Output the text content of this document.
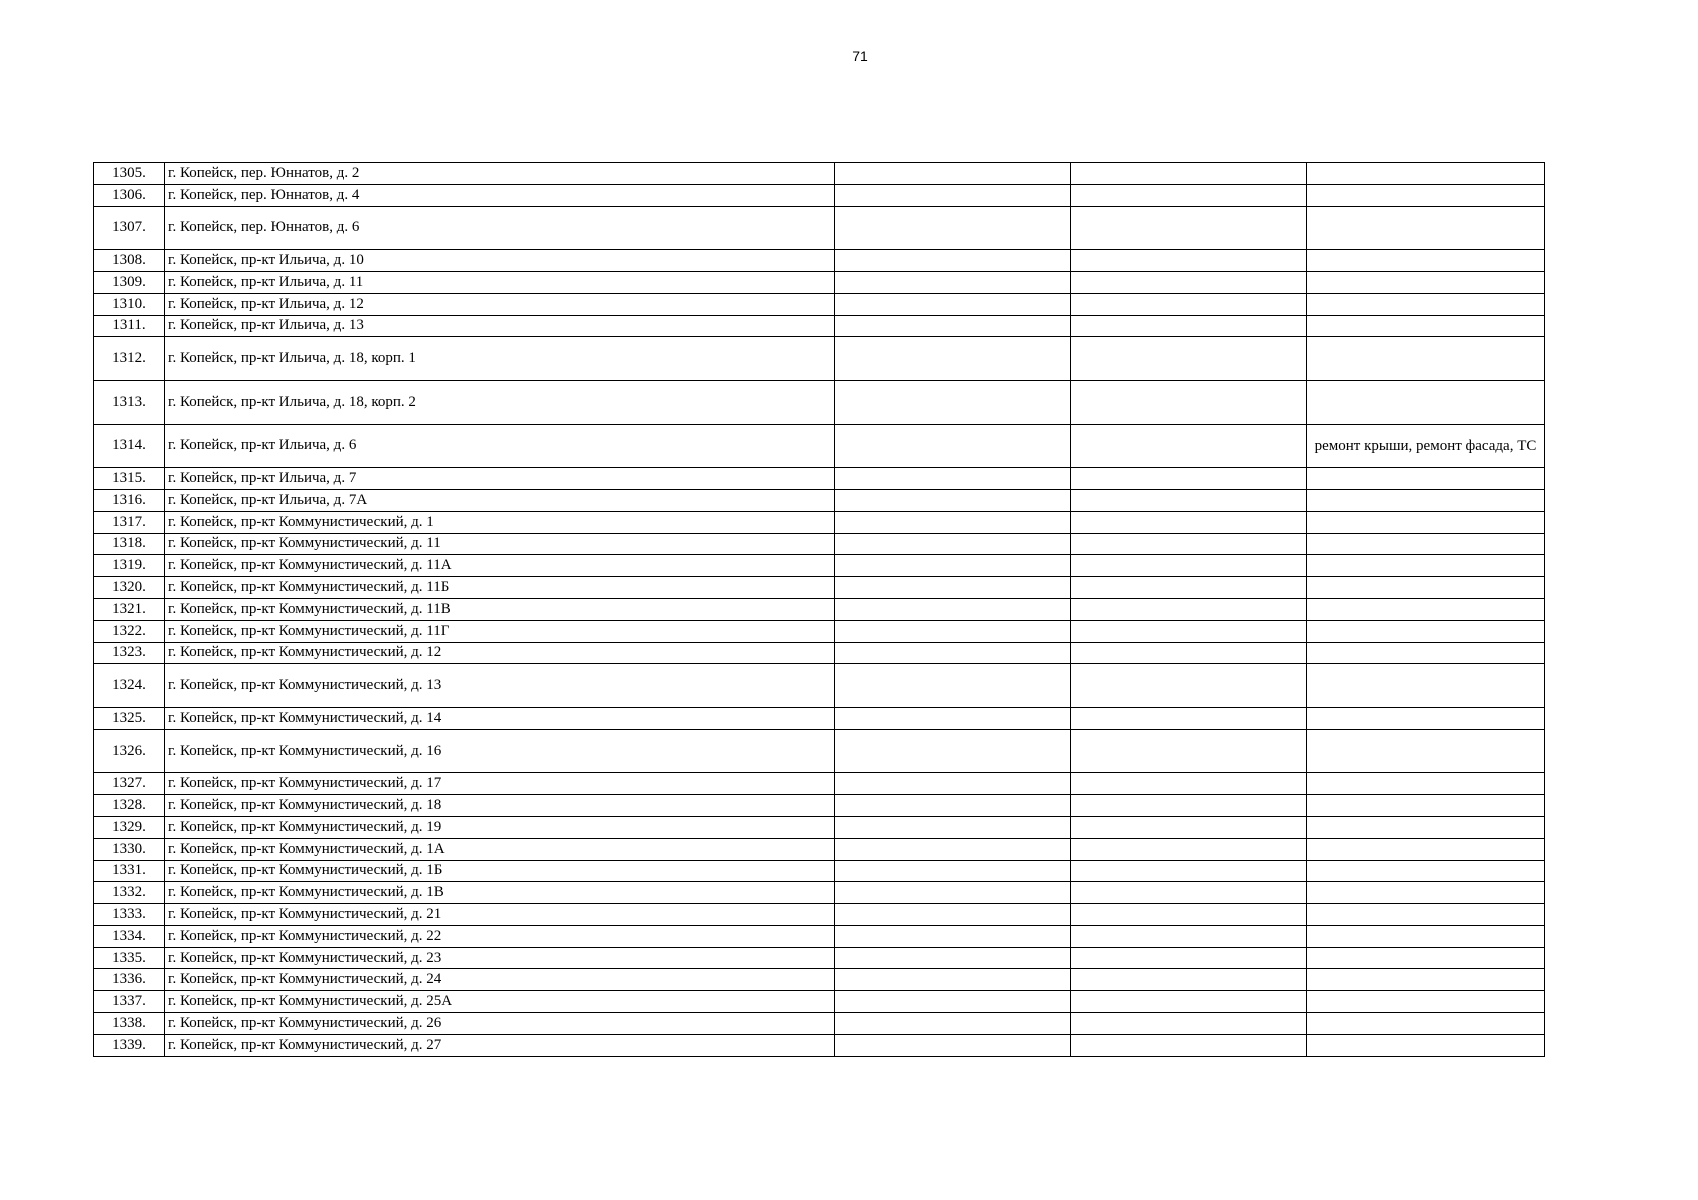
71
1305.	г. Копейск, пер. Юннатов, д. 2			
1306.	г. Копейск, пер. Юннатов, д. 4			
1307.	г. Копейск, пер. Юннатов, д. 6			
1308.	г. Копейск, пр-кт Ильича, д. 10			
1309.	г. Копейск, пр-кт Ильича, д. 11			
1310.	г. Копейск, пр-кт Ильича, д. 12			
1311.	г. Копейск, пр-кт Ильича, д. 13			
1312.	г. Копейск, пр-кт Ильича, д. 18, корп. 1			
1313.	г. Копейск, пр-кт Ильича, д. 18, корп. 2			
1314.	г. Копейск, пр-кт Ильича, д. 6			ремонт крыши, ремонт фасада, ТС
1315.	г. Копейск, пр-кт Ильича, д. 7			
1316.	г. Копейск, пр-кт Ильича, д. 7А			
1317.	г. Копейск, пр-кт Коммунистический, д. 1			
1318.	г. Копейск, пр-кт Коммунистический, д. 11			
1319.	г. Копейск, пр-кт Коммунистический, д. 11А			
1320.	г. Копейск, пр-кт Коммунистический, д. 11Б			
1321.	г. Копейск, пр-кт Коммунистический, д. 11В			
1322.	г. Копейск, пр-кт Коммунистический, д. 11Г			
1323.	г. Копейск, пр-кт Коммунистический, д. 12			
1324.	г. Копейск, пр-кт Коммунистический, д. 13			
1325.	г. Копейск, пр-кт Коммунистический, д. 14			
1326.	г. Копейск, пр-кт Коммунистический, д. 16			
1327.	г. Копейск, пр-кт Коммунистический, д. 17			
1328.	г. Копейск, пр-кт Коммунистический, д. 18			
1329.	г. Копейск, пр-кт Коммунистический, д. 19			
1330.	г. Копейск, пр-кт Коммунистический, д. 1А			
1331.	г. Копейск, пр-кт Коммунистический, д. 1Б			
1332.	г. Копейск, пр-кт Коммунистический, д. 1В			
1333.	г. Копейск, пр-кт Коммунистический, д. 21			
1334.	г. Копейск, пр-кт Коммунистический, д. 22			
1335.	г. Копейск, пр-кт Коммунистический, д. 23			
1336.	г. Копейск, пр-кт Коммунистический, д. 24			
1337.	г. Копейск, пр-кт Коммунистический, д. 25А			
1338.	г. Копейск, пр-кт Коммунистический, д. 26			
1339.	г. Копейск, пр-кт Коммунистический, д. 27			
